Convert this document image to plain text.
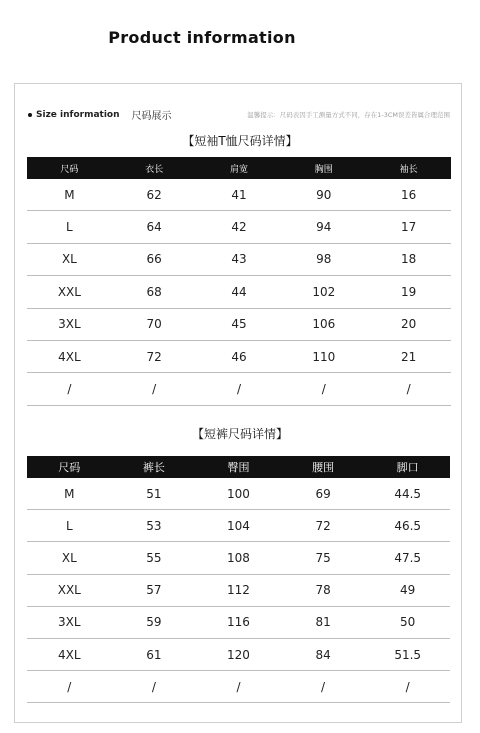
Product information
Size information 尺码展示	温馨提示：尺码表因手工测量方式不同，存在1-3CM误差皆属合理范围
【短袖T恤尺码详情】
尺码	衣长	肩宽	胸围	袖长
M	62	41	90	16
L	64	42	94	17
XL	66	43	98	18
XXL	68	44	102	19
3XL	70	45	106	20
4XL	72	46	110	21
/	/	/	/	/
【短裤尺码详情】
尺码	裤长	臀围	腰围	脚口
M	51	100	69	44.5
L	53	104	72	46.5
XL	55	108	75	47.5
XXL	57	112	78	49
3XL	59	116	81	50
4XL	61	120	84	51.5
/	/	/	/	/
